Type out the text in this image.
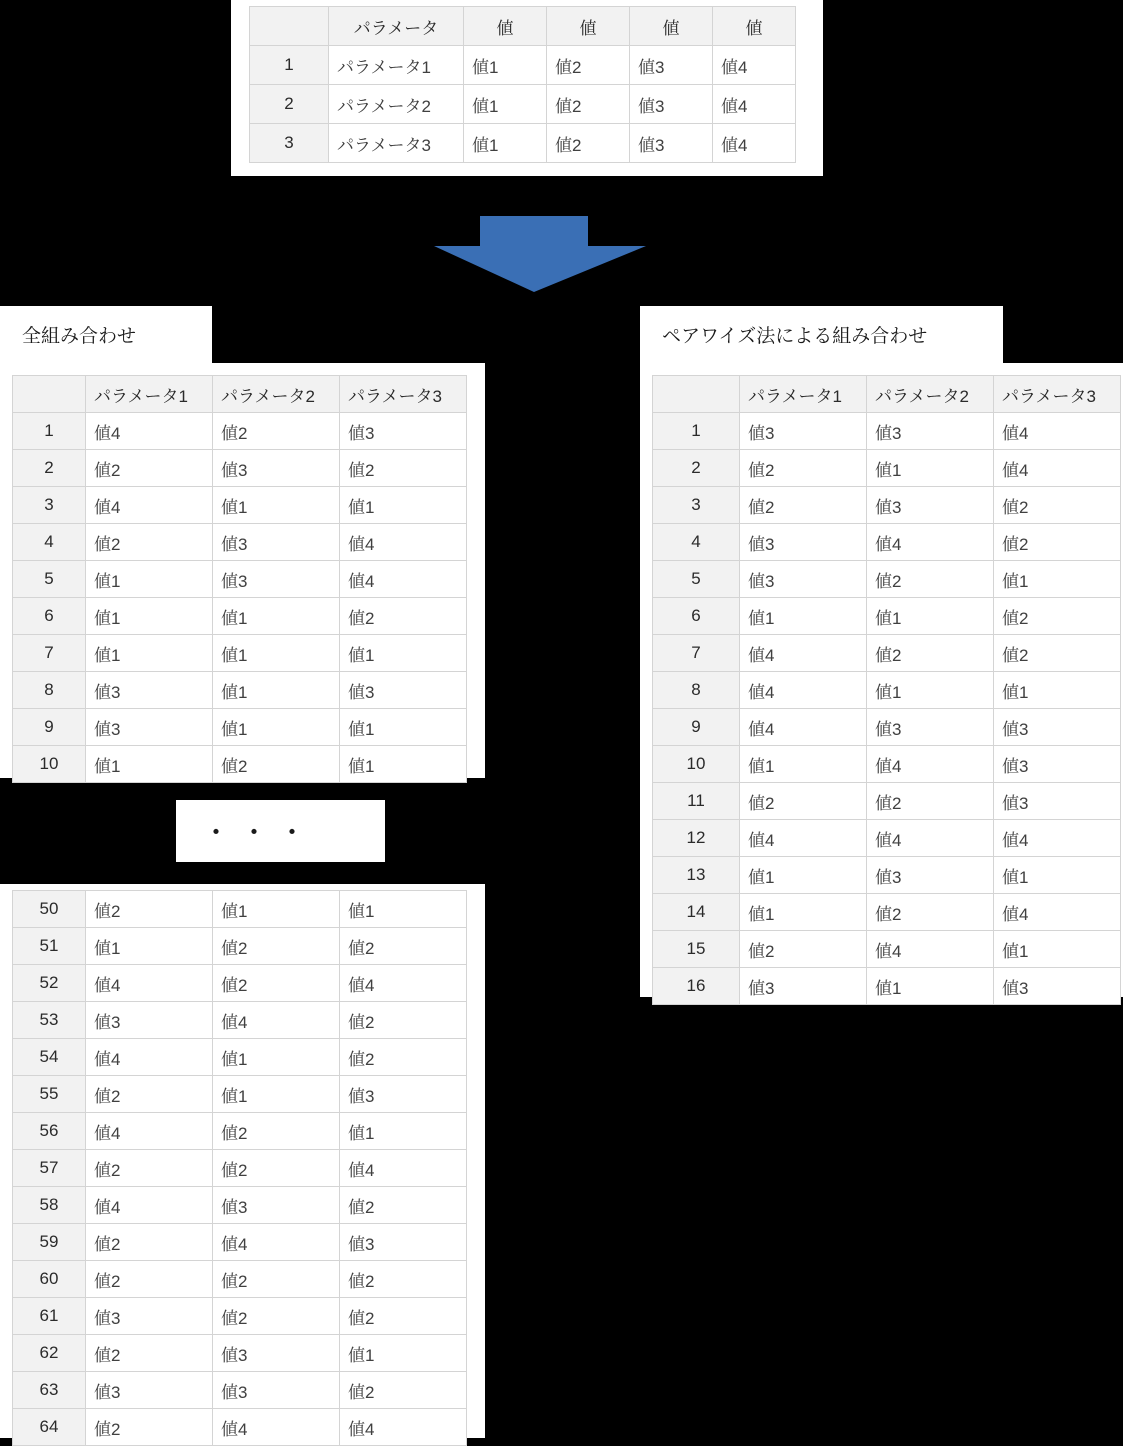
	パラメータ	値	値	値	値
1	パラメータ1	値1	値2	値3	値4
2	パラメータ2	値1	値2	値3	値4
3	パラメータ3	値1	値2	値3	値4
全組み合わせ	ペアワイズ法による組み合わせ
	パラメータ1	パラメータ2	パラメータ3
1	値4	値2	値3
2	値2	値3	値2
3	値4	値1	値1
4	値2	値3	値4
5	値1	値3	値4
6	値1	値1	値2
7	値1	値1	値1
8	値3	値1	値3
9	値3	値1	値1
10	値1	値2	値1
・・・
50	値2	値1	値1
51	値1	値2	値2
52	値4	値2	値4
53	値3	値4	値2
54	値4	値1	値2
55	値2	値1	値3
56	値4	値2	値1
57	値2	値2	値4
58	値4	値3	値2
59	値2	値4	値3
60	値2	値2	値2
61	値3	値2	値2
62	値2	値3	値1
63	値3	値3	値2
64	値2	値4	値4
	パラメータ1	パラメータ2	パラメータ3
1	値3	値3	値4
2	値2	値1	値4
3	値2	値3	値2
4	値3	値4	値2
5	値3	値2	値1
6	値1	値1	値2
7	値4	値2	値2
8	値4	値1	値1
9	値4	値3	値3
10	値1	値4	値3
11	値2	値2	値3
12	値4	値4	値4
13	値1	値3	値1
14	値1	値2	値4
15	値2	値4	値1
16	値3	値1	値3
